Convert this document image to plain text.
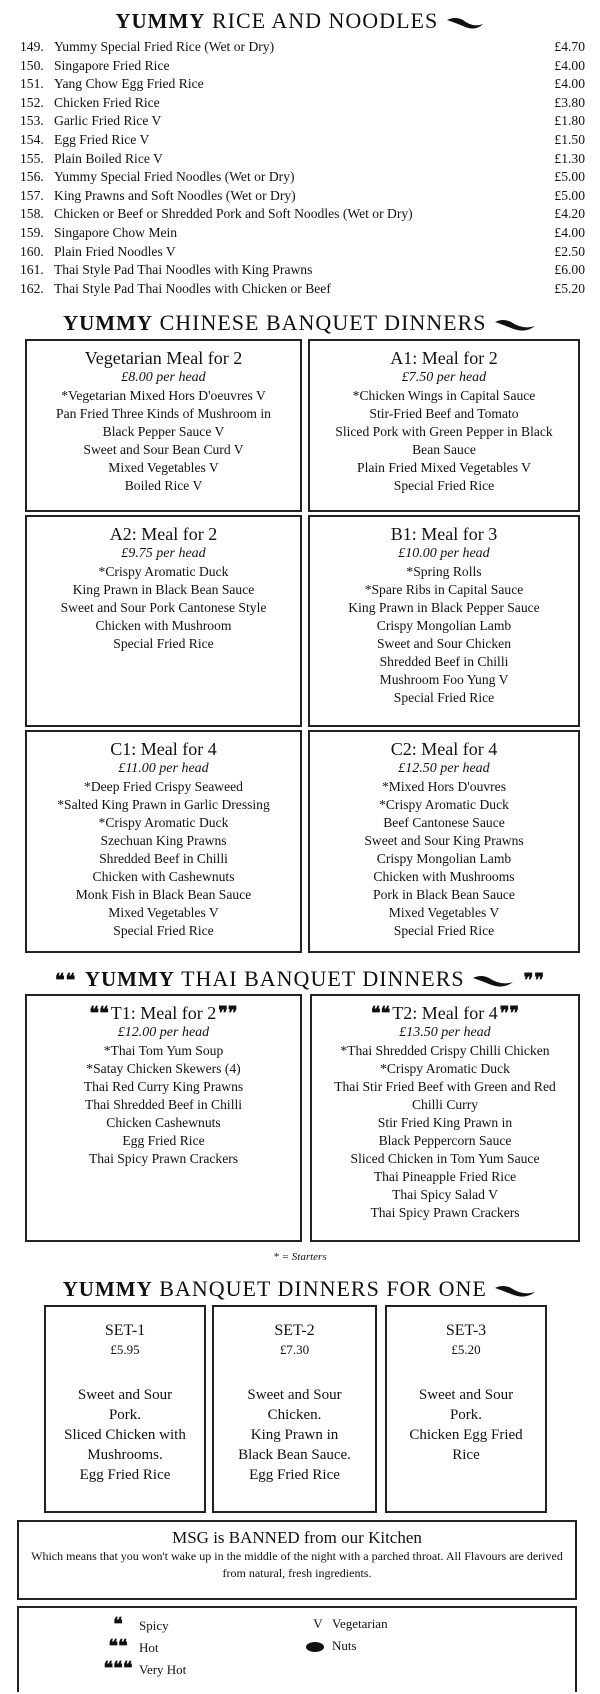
YUMMY RICE AND NOODLES
149. Yummy Special Fried Rice (Wet or Dry)	£4.70
150. Singapore Fried Rice	£4.00
151. Yang Chow Egg Fried Rice	£4.00
152. Chicken Fried Rice	£3.80
153. Garlic Fried Rice V	£1.80
154. Egg Fried Rice V	£1.50
155. Plain Boiled Rice V	£1.30
156. Yummy Special Fried Noodles (Wet or Dry)	£5.00
157. King Prawns and Soft Noodles (Wet or Dry)	£5.00
158. Chicken or Beef or Shredded Pork and Soft Noodles (Wet or Dry)	£4.20
159. Singapore Chow Mein	£4.00
160. Plain Fried Noodles V	£2.50
161. Thai Style Pad Thai Noodles with King Prawns	£6.00
162. Thai Style Pad Thai Noodles with Chicken or Beef	£5.20
YUMMY CHINESE BANQUET DINNERS
Vegetarian Meal for 2
£8.00 per head
*Vegetarian Mixed Hors D'oeuvres V
Pan Fried Three Kinds of Mushroom in
Black Pepper Sauce V
Sweet and Sour Bean Curd V
Mixed Vegetables V
Boiled Rice V
A1: Meal for 2
£7.50 per head
*Chicken Wings in Capital Sauce
Stir-Fried Beef and Tomato
Sliced Pork with Green Pepper in Black
Bean Sauce
Plain Fried Mixed Vegetables V
Special Fried Rice
A2: Meal for 2
£9.75 per head
*Crispy Aromatic Duck
King Prawn in Black Bean Sauce
Sweet and Sour Pork Cantonese Style
Chicken with Mushroom
Special Fried Rice
B1: Meal for 3
£10.00 per head
*Spring Rolls
*Spare Ribs in Capital Sauce
King Prawn in Black Pepper Sauce
Crispy Mongolian Lamb
Sweet and Sour Chicken
Shredded Beef in Chilli
Mushroom Foo Yung V
Special Fried Rice
C1: Meal for 4
£11.00 per head
*Deep Fried Crispy Seaweed
*Salted King Prawn in Garlic Dressing
*Crispy Aromatic Duck
Szechuan King Prawns
Shredded Beef in Chilli
Chicken with Cashewnuts
Monk Fish in Black Bean Sauce
Mixed Vegetables V
Special Fried Rice
C2: Meal for 4
£12.50 per head
*Mixed Hors D'ouvres
*Crispy Aromatic Duck
Beef Cantonese Sauce
Sweet and Sour King Prawns
Crispy Mongolian Lamb
Chicken with Mushrooms
Pork in Black Bean Sauce
Mixed Vegetables V
Special Fried Rice
❝❝ YUMMY THAI BANQUET DINNERS	❞❞
❝❝ T1: Meal for 2 ❞❞
£12.00 per head
*Thai Tom Yum Soup
*Satay Chicken Skewers (4)
Thai Red Curry King Prawns
Thai Shredded Beef in Chilli
Chicken Cashewnuts
Egg Fried Rice
Thai Spicy Prawn Crackers
❝❝ T2: Meal for 4 ❞❞
£13.50 per head
*Thai Shredded Crispy Chilli Chicken
*Crispy Aromatic Duck
Thai Stir Fried Beef with Green and Red
Chilli Curry
Stir Fried King Prawn in
Black Peppercorn Sauce
Sliced Chicken in Tom Yum Sauce
Thai Pineapple Fried Rice
Thai Spicy Salad V
Thai Spicy Prawn Crackers
* = Starters
YUMMY BANQUET DINNERS FOR ONE
SET-1
£5.95
Sweet and Sour
Pork.
Sliced Chicken with
Mushrooms.
Egg Fried Rice
SET-2
£7.30
Sweet and Sour
Chicken.
King Prawn in
Black Bean Sauce.
Egg Fried Rice
SET-3
£5.20
Sweet and Sour
Pork.
Chicken Egg Fried
Rice
MSG is BANNED from our Kitchen
Which means that you won't wake up in the middle of the night with a parched throat. All Flavours are derived from natural, fresh ingredients.
❝ Spicy
❝❝ Hot
❝❝❝ Very Hot
V Vegetarian
Nuts
